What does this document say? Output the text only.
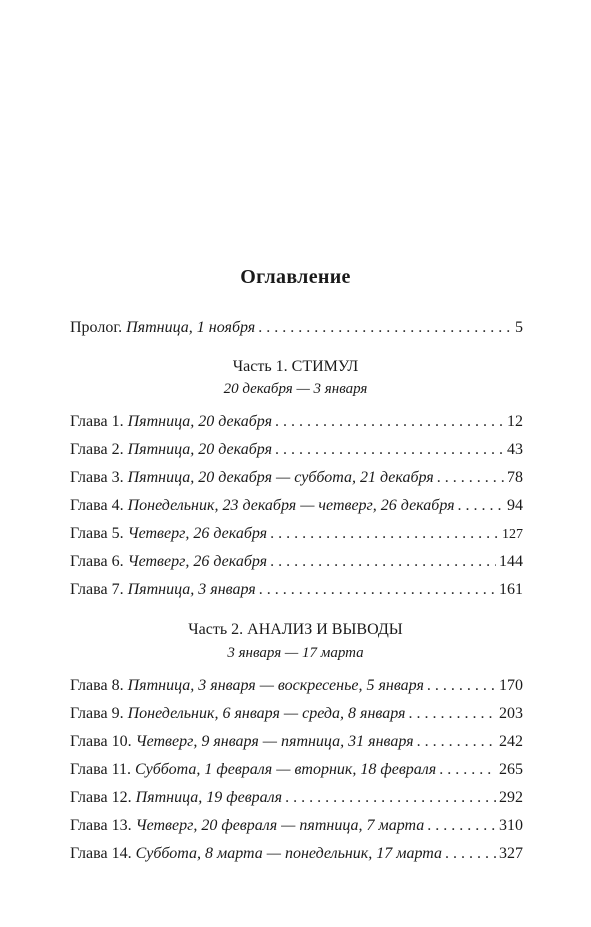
Оглавление
Пролог. Пятница, 1 ноября . . .	5
Часть 1. СТИМУЛ
20 декабря — 3 января
Глава 1. Пятница, 20 декабря . . .	12
Глава 2. Пятница, 20 декабря . . .	43
Глава 3. Пятница, 20 декабря — суббота, 21 декабря . . .	78
Глава 4. Понедельник, 23 декабря — четверг, 26 декабря . . .	94
Глава 5. Четверг, 26 декабря . . .	127
Глава 6. Четверг, 26 декабря . . .	144
Глава 7. Пятница, 3 января . . .	161
Часть 2. АНАЛИЗ И ВЫВОДЫ
3 января — 17 марта
Глава 8. Пятница, 3 января — воскресенье, 5 января . . .	170
Глава 9. Понедельник, 6 января — среда, 8 января . . .	203
Глава 10. Четверг, 9 января — пятница, 31 января . . .	242
Глава 11. Суббота, 1 февраля — вторник, 18 февраля . . .	265
Глава 12. Пятница, 19 февраля . . .	292
Глава 13. Четверг, 20 февраля — пятница, 7 марта . . .	310
Глава 14. Суббота, 8 марта — понедельник, 17 марта . . .	327
